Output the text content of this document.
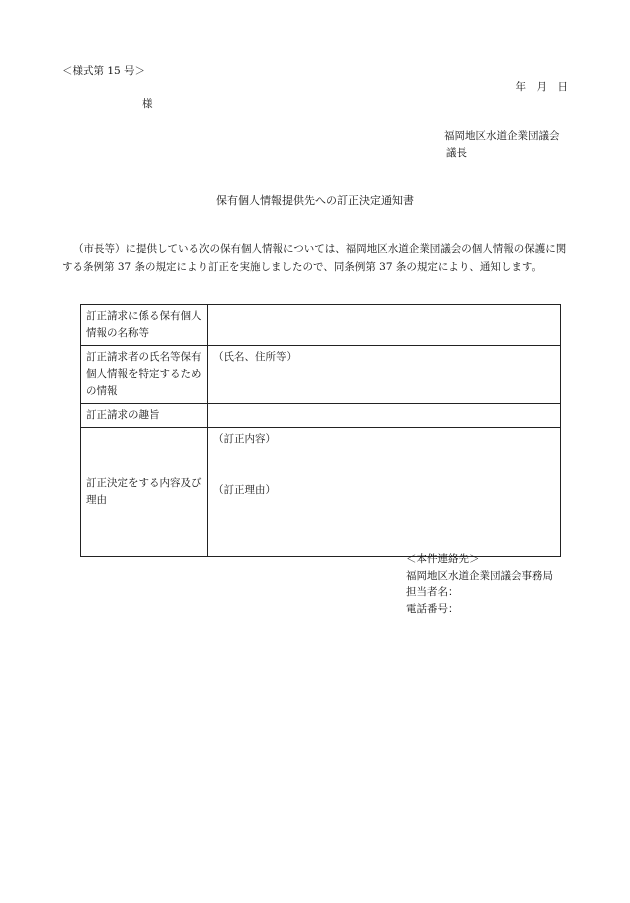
＜様式第 15 号＞
年　月　日
様
福岡地区水道企業団議会
議長
保有個人情報提供先への訂正決定通知書
（市長等）に提供している次の保有個人情報については、福岡地区水道企業団議会の個人情報の保護に関する条例第 37 条の規定により訂正を実施しましたので、同条例第 37 条の規定により、通知します。
訂正請求に係る保有個人情報の名称等	
訂正請求者の氏名等保有個人情報を特定するための情報	（氏名、住所等）
訂正請求の趣旨	
訂正決定をする内容及び理由	（訂正内容）
（訂正理由）
＜本件連絡先＞
福岡地区水道企業団議会事務局
担当者名：
電話番号：
